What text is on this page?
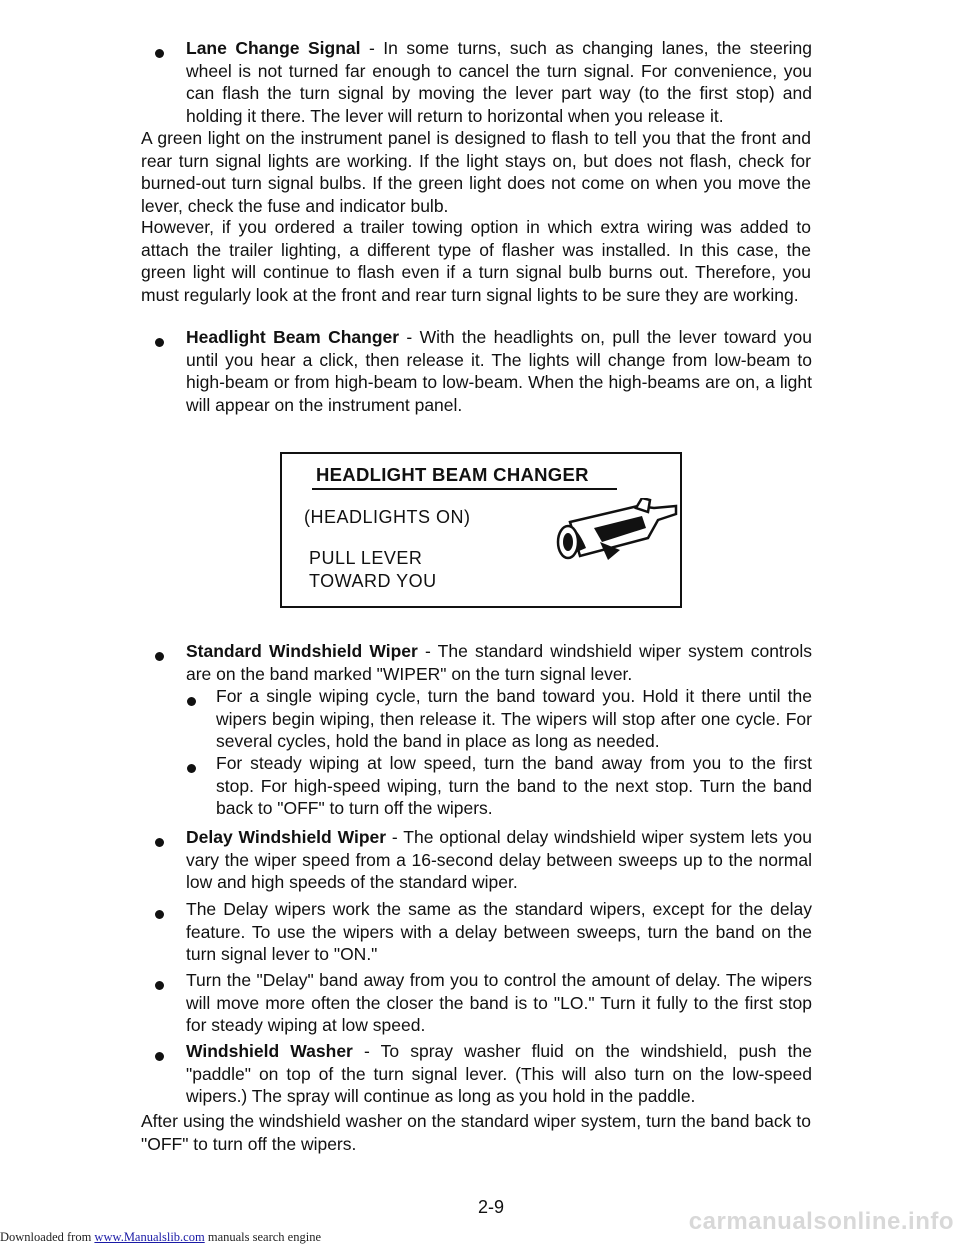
Lane Change Signal - In some turns, such as changing lanes, the steering wheel is not turned far enough to cancel the turn signal. For convenience, you can flash the turn signal by moving the lever part way (to the first stop) and holding it there. The lever will return to horizontal when you release it.
A green light on the instrument panel is designed to flash to tell you that the front and rear turn signal lights are working. If the light stays on, but does not flash, check for burned-out turn signal bulbs. If the green light does not come on when you move the lever, check the fuse and indicator bulb.
However, if you ordered a trailer towing option in which extra wiring was added to attach the trailer lighting, a different type of flasher was installed. In this case, the green light will continue to flash even if a turn signal bulb burns out. Therefore, you must regularly look at the front and rear turn signal lights to be sure they are working.
Headlight Beam Changer - With the headlights on, pull the lever toward you until you hear a click, then release it. The lights will change from low-beam to high-beam or from high-beam to low-beam. When the high-beams are on, a light will appear on the instrument panel.
HEADLIGHT BEAM CHANGER
(HEADLIGHTS ON)
PULL LEVER
TOWARD YOU
Standard Windshield Wiper - The standard windshield wiper system controls are on the band marked "WIPER" on the turn signal lever.
For a single wiping cycle, turn the band toward you. Hold it there until the wipers begin wiping, then release it. The wipers will stop after one cycle. For several cycles, hold the band in place as long as needed.
For steady wiping at low speed, turn the band away from you to the first stop. For high-speed wiping, turn the band to the next stop. Turn the band back to "OFF" to turn off the wipers.
Delay Windshield Wiper - The optional delay windshield wiper system lets you vary the wiper speed from a 16-second delay between sweeps up to the normal low and high speeds of the standard wiper.
The Delay wipers work the same as the standard wipers, except for the delay feature. To use the wipers with a delay between sweeps, turn the band on the turn signal lever to "ON."
Turn the "Delay" band away from you to control the amount of delay. The wipers will move more often the closer the band is to "LO." Turn it fully to the first stop for steady wiping at low speed.
Windshield Washer - To spray washer fluid on the windshield, push the "paddle" on top of the turn signal lever. (This will also turn on the low-speed wipers.) The spray will continue as long as you hold in the paddle.
After using the windshield washer on the standard wiper system, turn the band back to "OFF" to turn off the wipers.
2-9
Downloaded from www.Manualslib.com manuals search engine
carmanualsonline.info
